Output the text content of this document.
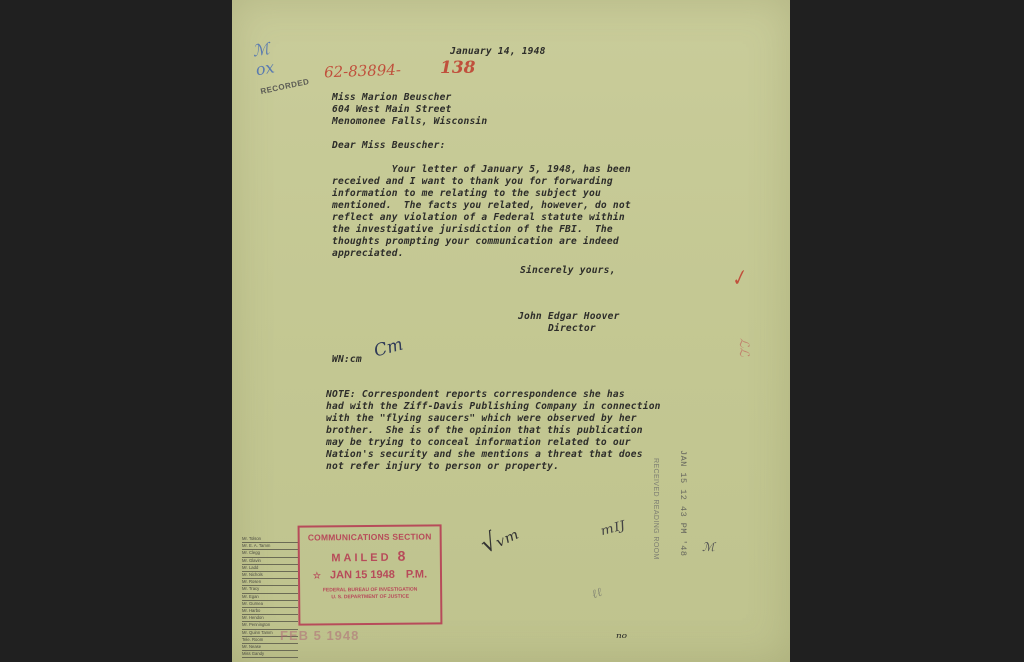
ℳ
ox
RECORDED
January 14, 1948
62-83894- 138
Miss Marion Beuscher
604 West Main Street
Menomonee Falls, Wisconsin
Dear Miss Beuscher:
Your letter of January 5, 1948, has been
received and I want to thank you for forwarding
information to me relating to the subject you
mentioned.  The facts you related, however, do not
reflect any violation of a Federal statute within
the investigative jurisdiction of the FBI.  The
thoughts prompting your communication are indeed
appreciated.
Sincerely yours,	✓
John Edgar Hoover
Director
ℒℒ
WN:cm Cm
NOTE: Correspondent reports correspondence she has
had with the Ziff-Davis Publishing Company in connection
with the "flying saucers" which were observed by her
brother.  She is of the opinion that this publication
may be trying to conceal information related to our
Nation's security and she mentions a threat that does
not refer injury to person or property.	RECEIVED READING ROOM JAN 15 12 43 PM '48
√ᵥₘ	ᵐᴵᴶ	ℳ
ℓℓ
ₙₒ
Mr. Tolson
Mr. E. A. Tamm
Mr. Clegg
Mr. Glavin
Mr. Ladd
Mr. Nichols
Mr. Rosen
Mr. Tracy
Mr. Egan
Mr. Gurnea
Mr. Harbo
Mr. Hendon
Mr. Pennington
Mr. Quinn Tamm
Tele. Room
Mr. Nease
Miss Gandy
COMMUNICATIONS SECTION
MAILED 8
☆ JAN 15 1948 P.M.
FEDERAL BUREAU OF INVESTIGATION
U. S. DEPARTMENT OF JUSTICE
FEB 5 1948
